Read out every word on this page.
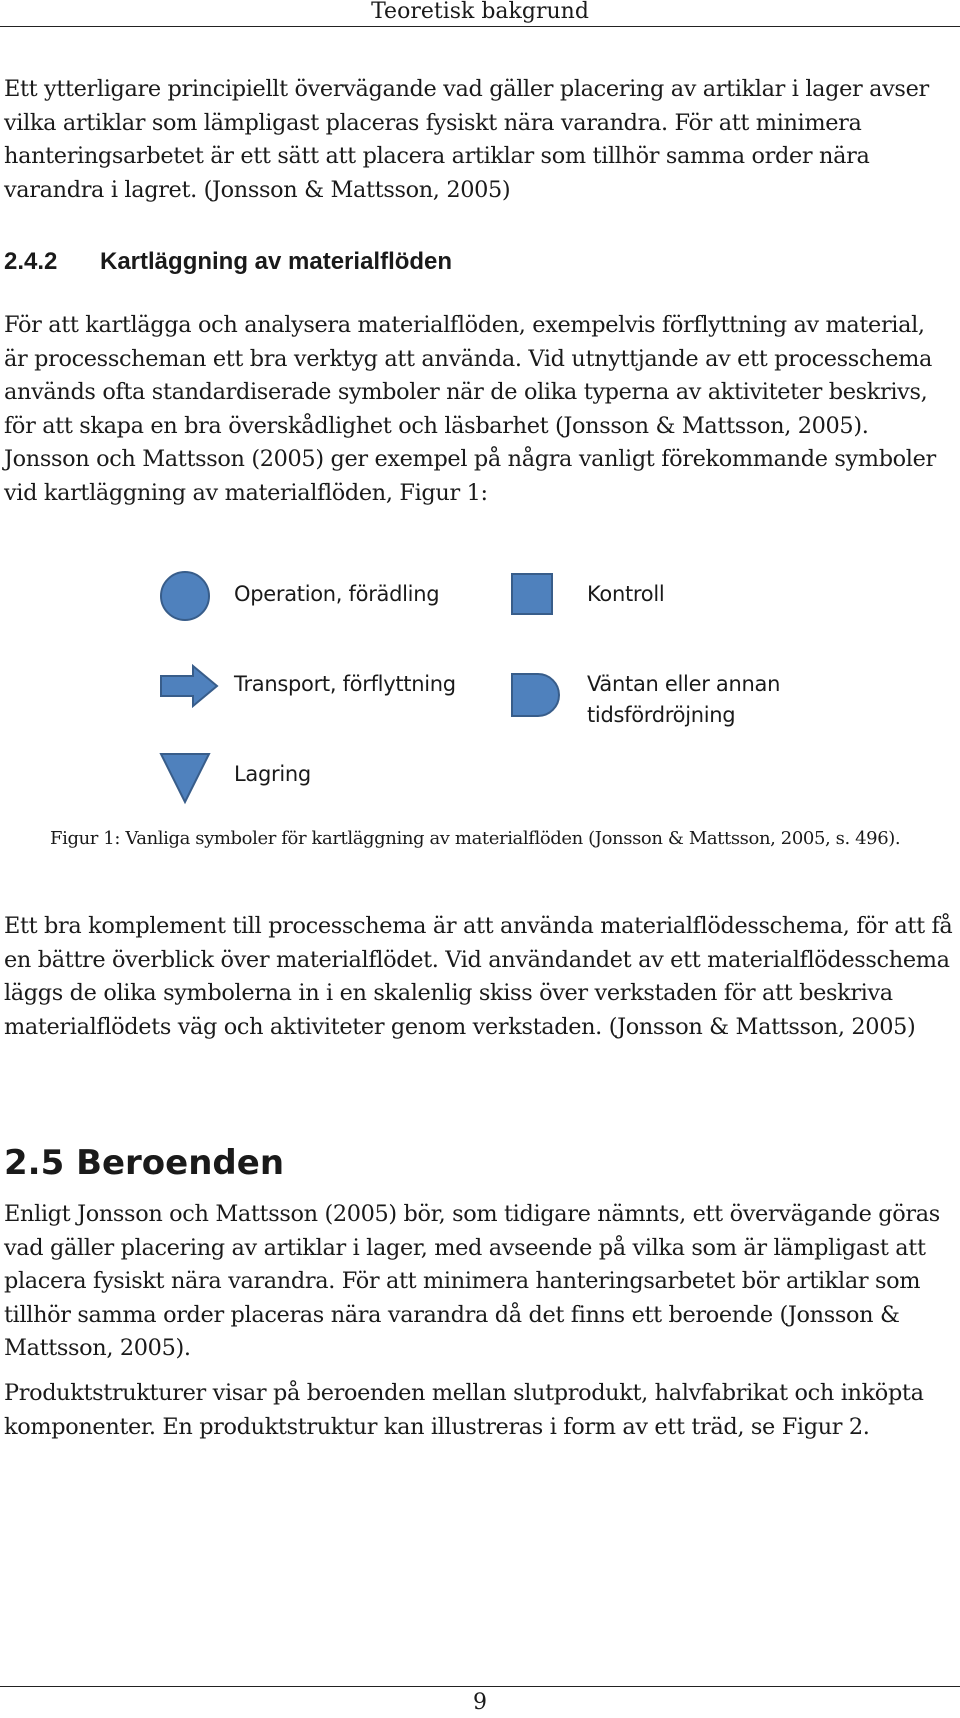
Teoretisk bakgrund

Ett ytterligare principiellt övervägande vad gäller placering av artiklar i lager avser vilka artiklar som lämpligast placeras fysiskt nära varandra. För att minimera hanteringsarbetet är ett sätt att placera artiklar som tillhör samma order nära varandra i lagret. (Jonsson & Mattsson, 2005)

2.4.2 Kartläggning av materialflöden

För att kartlägga och analysera materialflöden, exempelvis förflyttning av material, är processcheman ett bra verktyg att använda. Vid utnyttjande av ett processchema används ofta standardiserade symboler när de olika typerna av aktiviteter beskrivs, för att skapa en bra överskådlighet och läsbarhet (Jonsson & Mattsson, 2005). Jonsson och Mattsson (2005) ger exempel på några vanligt förekommande symboler vid kartläggning av materialflöden, Figur 1:

Operation, förädling	Kontroll
Transport, förflyttning	Väntan eller annan
tidsfördröjning
Lagring

Figur 1: Vanliga symboler för kartläggning av materialflöden (Jonsson & Mattsson, 2005, s. 496).

Ett bra komplement till processchema är att använda materialflödesschema, för att få en bättre överblick över materialflödet. Vid användandet av ett materialflödesschema läggs de olika symbolerna in i en skalenlig skiss över verkstaden för att beskriva materialflödets väg och aktiviteter genom verkstaden. (Jonsson & Mattsson, 2005)

2.5 Beroenden

Enligt Jonsson och Mattsson (2005) bör, som tidigare nämnts, ett övervägande göras vad gäller placering av artiklar i lager, med avseende på vilka som är lämpligast att placera fysiskt nära varandra. För att minimera hanteringsarbetet bör artiklar som tillhör samma order placeras nära varandra då det finns ett beroende (Jonsson & Mattsson, 2005).

Produktstrukturer visar på beroenden mellan slutprodukt, halvfabrikat och inköpta komponenter. En produktstruktur kan illustreras i form av ett träd, se Figur 2.

9
